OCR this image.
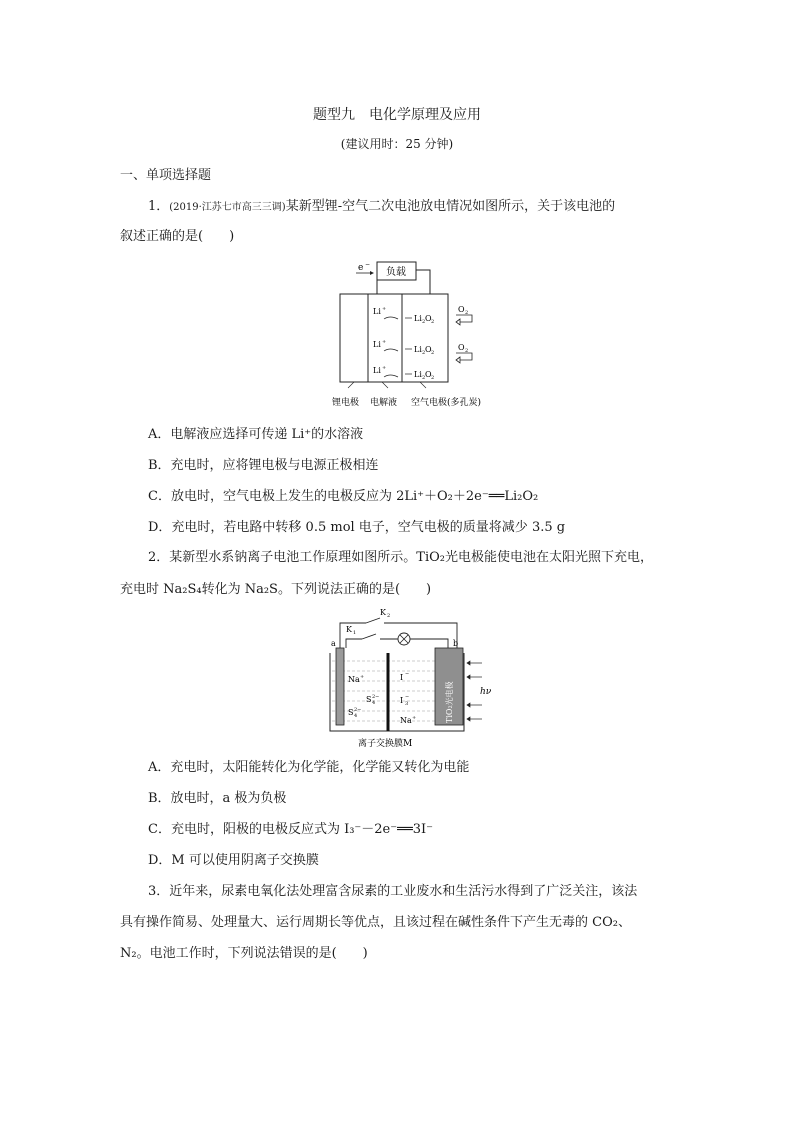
题型九　电化学原理及应用
(建议用时：25 分钟)
一、单项选择题
1．(2019·江苏七市高三三调)某新型锂-空气二次电池放电情况如图所示，关于该电池的
叙述正确的是(　　)
负载
e −
Li +
Li 2 O 2
Li +
Li 2 O 2
Li +
Li 2 O 2
O 2
O 2
锂电极 电解液 空气电极(多孔炭)
A．电解液应选择可传递 Li⁺的水溶液
B．充电时，应将锂电极与电源正极相连
C．放电时，空气电极上发生的电极反应为 2Li⁺＋O₂＋2e⁻══Li₂O₂
D．充电时，若电路中转移 0.5 mol 电子，空气电极的质量将减少 3.5 g
2．某新型水系钠离子电池工作原理如图所示。TiO₂光电极能使电池在太阳光照下充电，
充电时 Na₂S₄转化为 Na₂S。下列说法正确的是(　　)
K 2
K 1
a	b
TiO₂光电极
Na +
S 2−
4
S 2−
4
I −
I −
3
Na +
hν
离子交换膜M
A．充电时，太阳能转化为化学能，化学能又转化为电能
B．放电时，a 极为负极
C．充电时，阳极的电极反应式为 I₃⁻－2e⁻══3I⁻
D．M 可以使用阴离子交换膜
3．近年来，尿素电氧化法处理富含尿素的工业废水和生活污水得到了广泛关注，该法
具有操作简易、处理量大、运行周期长等优点，且该过程在碱性条件下产生无毒的 CO₂、
N₂。电池工作时，下列说法错误的是(　　)
